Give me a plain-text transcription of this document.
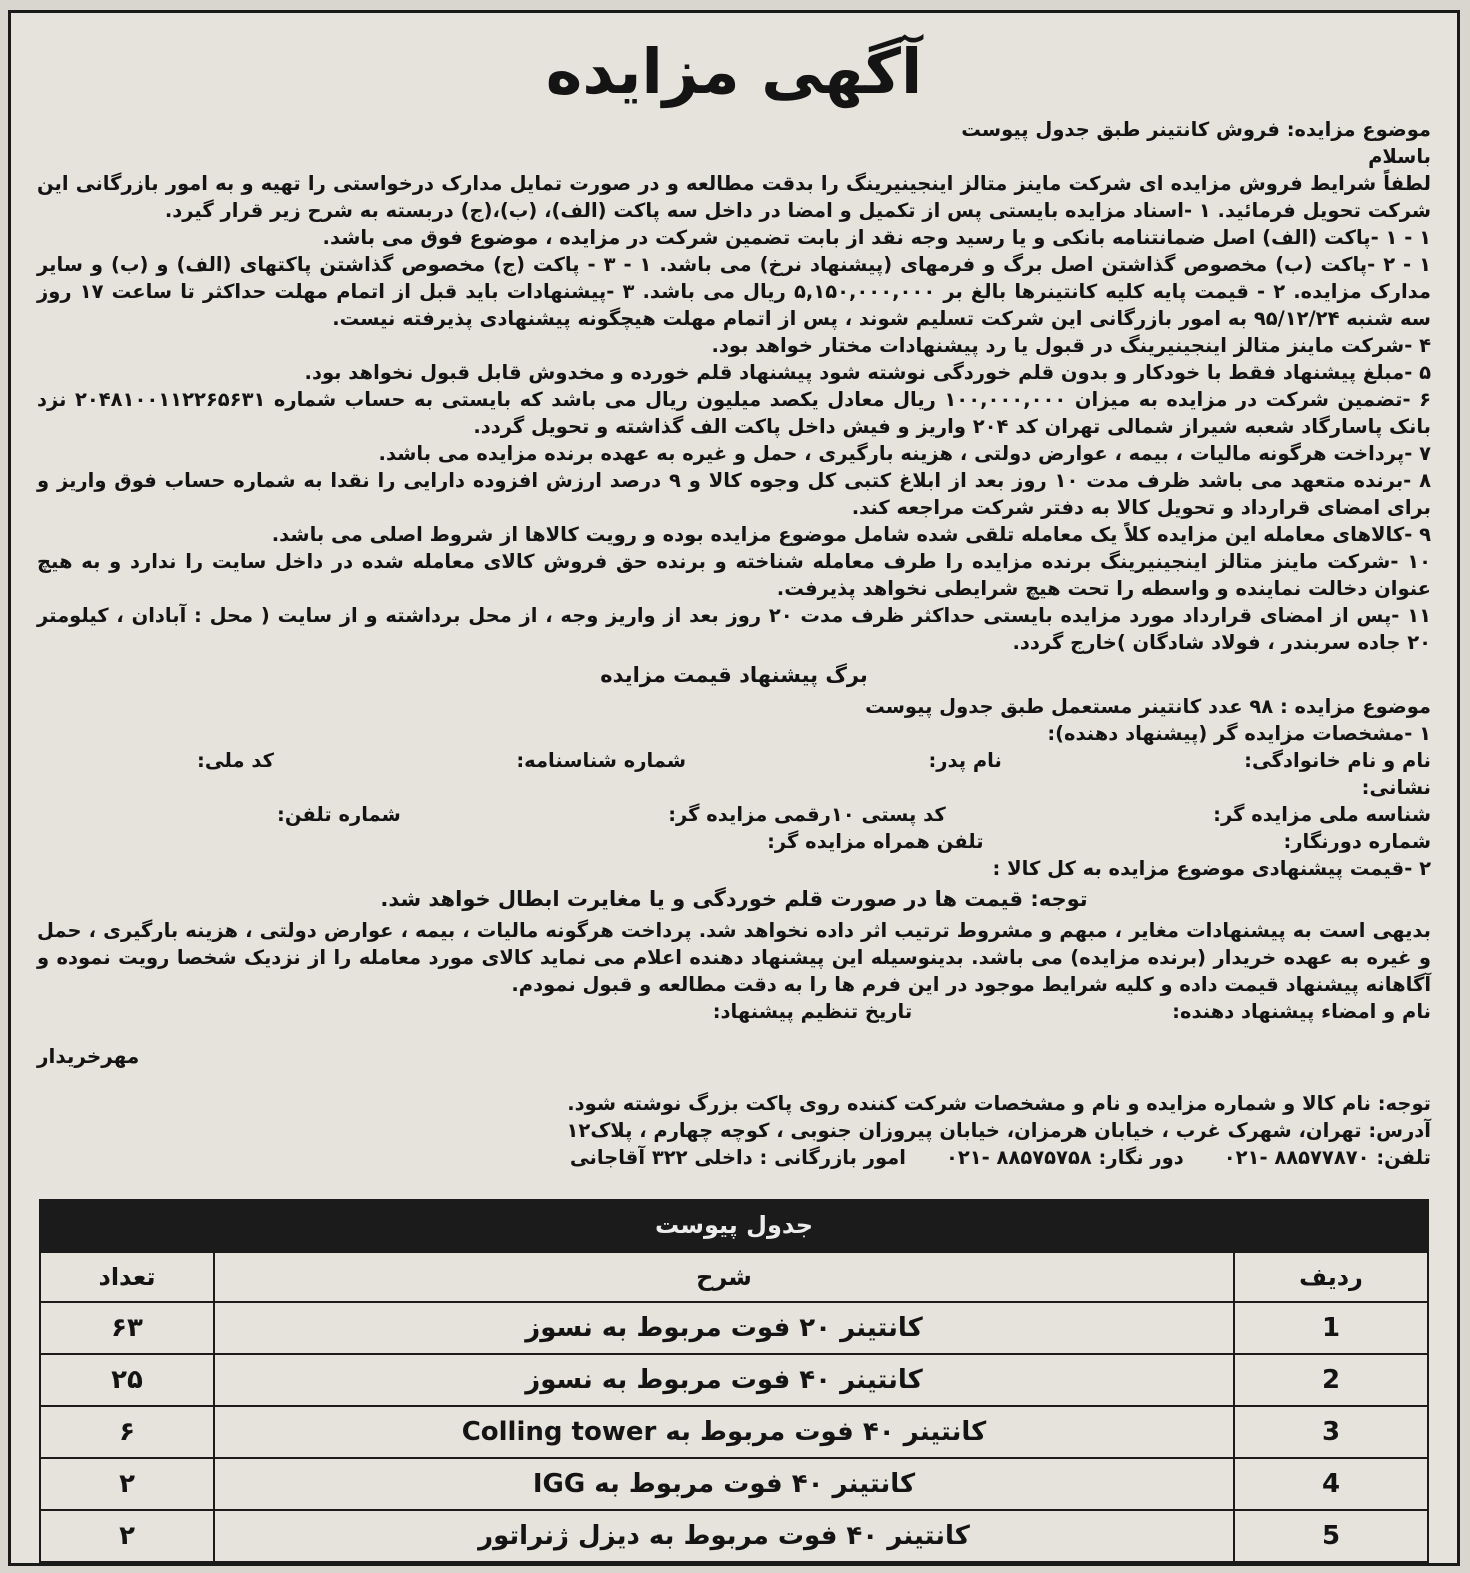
آگهی مزایده

موضوع مزایده: فروش کانتینر طبق جدول پیوست

باسلام

لطفاً شرایط فروش مزایده ای شرکت ماینز متالز اینجینیرینگ را بدقت مطالعه و در صورت تمایل مدارک درخواستی را تهیه و به امور بازرگانی این شرکت تحویل فرمائید. ۱ -اسناد مزایده بایستی پس از تکمیل و امضا در داخل سه پاکت (الف)، (ب)،(ج) دربسته به شرح زیر قرار گیرد.

۱ - ۱ -پاکت (الف) اصل ضمانتنامه بانکی و یا رسید وجه نقد از بابت تضمین شرکت در مزایده ، موضوع فوق می باشد.

۱ - ۲ -پاکت (ب) مخصوص گذاشتن اصل برگ و فرمهای (پیشنهاد نرخ) می باشد. ۱ - ۳ - پاکت (ج) مخصوص گذاشتن پاکتهای (الف) و (ب) و سایر مدارک مزایده. ۲ - قیمت پایه کلیه کانتینرها بالغ بر ۵,۱۵۰,۰۰۰,۰۰۰ ریال می باشد. ۳ -پیشنهادات باید قبل از اتمام مهلت حداکثر تا ساعت ۱۷ روز سه شنبه ۹۵/۱۲/۲۴ به امور بازرگانی این شرکت تسلیم شوند ، پس از اتمام مهلت هیچگونه پیشنهادی پذیرفته نیست.

۴ -شرکت ماینز متالز اینجینیرینگ در قبول یا رد پیشنهادات مختار خواهد بود.

۵ -مبلغ پیشنهاد فقط با خودکار و بدون قلم خوردگی نوشته شود پیشنهاد قلم خورده و مخدوش قابل قبول نخواهد بود.

۶ -تضمین شرکت در مزایده به میزان ۱۰۰,۰۰۰,۰۰۰ ریال معادل یکصد میلیون ریال می باشد که بایستی به حساب شماره ۲۰۴۸۱۰۰۱۱۲۲۶۵۶۳۱ نزد بانک پاسارگاد شعبه شیراز شمالی تهران کد ۲۰۴ واریز و فیش داخل پاکت الف گذاشته و تحویل گردد.

۷ -پرداخت هرگونه مالیات ، بیمه ، عوارض دولتی ، هزینه بارگیری ، حمل و غیره به عهده برنده مزایده می باشد.

۸ -برنده متعهد می باشد ظرف مدت ۱۰ روز بعد از ابلاغ کتبی کل وجوه کالا و ۹ درصد ارزش افزوده دارایی را نقدا به شماره حساب فوق واریز و برای امضای قرارداد و تحویل کالا به دفتر شرکت مراجعه کند.

۹ -کالاهای معامله این مزایده کلاً یک معامله تلقی شده شامل موضوع مزایده بوده و رویت کالاها از شروط اصلی می باشد.

۱۰ -شرکت ماینز متالز اینجینیرینگ برنده مزایده را طرف معامله شناخته و برنده حق فروش کالای معامله شده در داخل سایت را ندارد و به هیچ عنوان دخالت نماینده و واسطه را تحت هیچ شرایطی نخواهد پذیرفت.

۱۱ -پس از امضای قرارداد مورد مزایده بایستی حداکثر ظرف مدت ۲۰ روز بعد از واریز وجه ، از محل برداشته و از سایت ( محل : آبادان ، کیلومتر ۲۰ جاده سربندر ، فولاد شادگان )خارج گردد.

برگ پیشنهاد قیمت مزایده

موضوع مزایده : ۹۸ عدد کانتینر مستعمل طبق جدول پیوست

۱ -مشخصات مزایده گر (پیشنهاد دهنده):

نام و نام خانوادگی:
نام پدر:
شماره شناسنامه:
کد ملی:

نشانی:

شناسه ملی مزایده گر:
کد پستی ۱۰رقمی مزایده گر:
شماره تلفن:
شماره دورنگار:
تلفن همراه مزایده گر:

۲ -قیمت پیشنهادی موضوع مزایده به کل کالا :

توجه: قیمت ها در صورت قلم خوردگی و یا مغایرت ابطال خواهد شد.

بدیهی است به پیشنهادات مغایر ، مبهم و مشروط ترتیب اثر داده نخواهد شد. پرداخت هرگونه مالیات ، بیمه ، عوارض دولتی ، هزینه بارگیری ، حمل و غیره به عهده خریدار (برنده مزایده) می باشد. بدینوسیله این پیشنهاد دهنده اعلام می نماید کالای مورد معامله را از نزدیک شخصا رویت نموده و آگاهانه پیشنهاد قیمت داده و کلیه شرایط موجود در این فرم ها را به دقت مطالعه و قبول نمودم.

نام و امضاء پیشنهاد دهنده:
تاریخ تنظیم پیشنهاد:
مهرخریدار

توجه: نام کالا و شماره مزایده و نام و مشخصات شرکت کننده روی پاکت بزرگ نوشته شود.

آدرس: تهران، شهرک غرب ، خیابان هرمزان، خیابان پیروزان جنوبی ، کوچه چهارم ، پلاک۱۲

تلفن: ۸۸۵۷۷۸۷۰ -۰۲۱
دور نگار: ۸۸۵۷۵۷۵۸ -۰۲۱
امور بازرگانی : داخلی ۳۲۲ آقاجانی
جدول پیوست
ردیف	شرح	تعداد
1	کانتینر ۲۰ فوت مربوط به نسوز	۶۳
2	کانتینر ۴۰ فوت مربوط به نسوز	۲۵
3	کانتینر ۴۰ فوت مربوط به Colling tower	۶
4	کانتینر ۴۰ فوت مربوط به IGG	۲
5	کانتینر ۴۰ فوت مربوط به دیزل ژنراتور	۲
